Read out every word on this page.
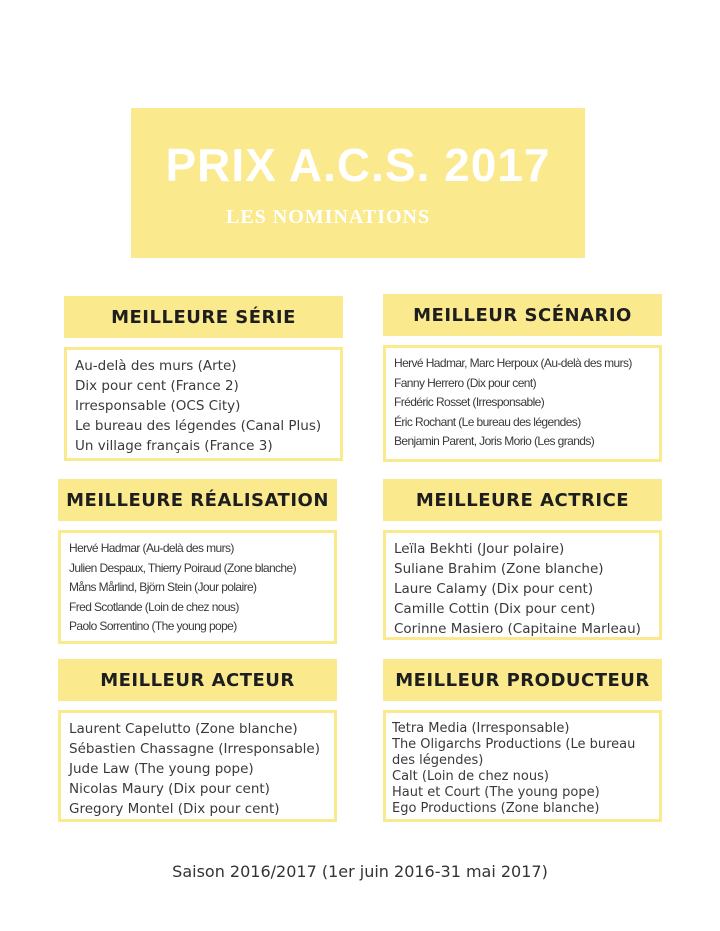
PRIX A.C.S. 2017
LES NOMINATIONS
MEILLEURE SÉRIE
Au-delà des murs (Arte)
Dix pour cent (France 2)
Irresponsable (OCS City)
Le bureau des légendes (Canal Plus)
Un village français (France 3)
MEILLEUR SCÉNARIO
Hervé Hadmar, Marc Herpoux (Au-delà des murs)
Fanny Herrero (Dix pour cent)
Frédéric Rosset (Irresponsable)
Éric Rochant (Le bureau des légendes)
Benjamin Parent, Joris Morio (Les grands)
MEILLEURE RÉALISATION
Hervé Hadmar (Au-delà des murs)
Julien Despaux, Thierry Poiraud (Zone blanche)
Måns Mårlind, Björn Stein (Jour polaire)
Fred Scotlande (Loin de chez nous)
Paolo Sorrentino (The young pope)
MEILLEURE ACTRICE
Leïla Bekhti (Jour polaire)
Suliane Brahim (Zone blanche)
Laure Calamy (Dix pour cent)
Camille Cottin (Dix pour cent)
Corinne Masiero (Capitaine Marleau)
MEILLEUR ACTEUR
Laurent Capelutto (Zone blanche)
Sébastien Chassagne (Irresponsable)
Jude Law (The young pope)
Nicolas Maury (Dix pour cent)
Gregory Montel (Dix pour cent)
MEILLEUR PRODUCTEUR
Tetra Media (Irresponsable)
The Oligarchs Productions (Le bureau des légendes)
Calt (Loin de chez nous)
Haut et Court (The young pope)
Ego Productions (Zone blanche)
Saison 2016/2017 (1er juin 2016-31 mai 2017)
